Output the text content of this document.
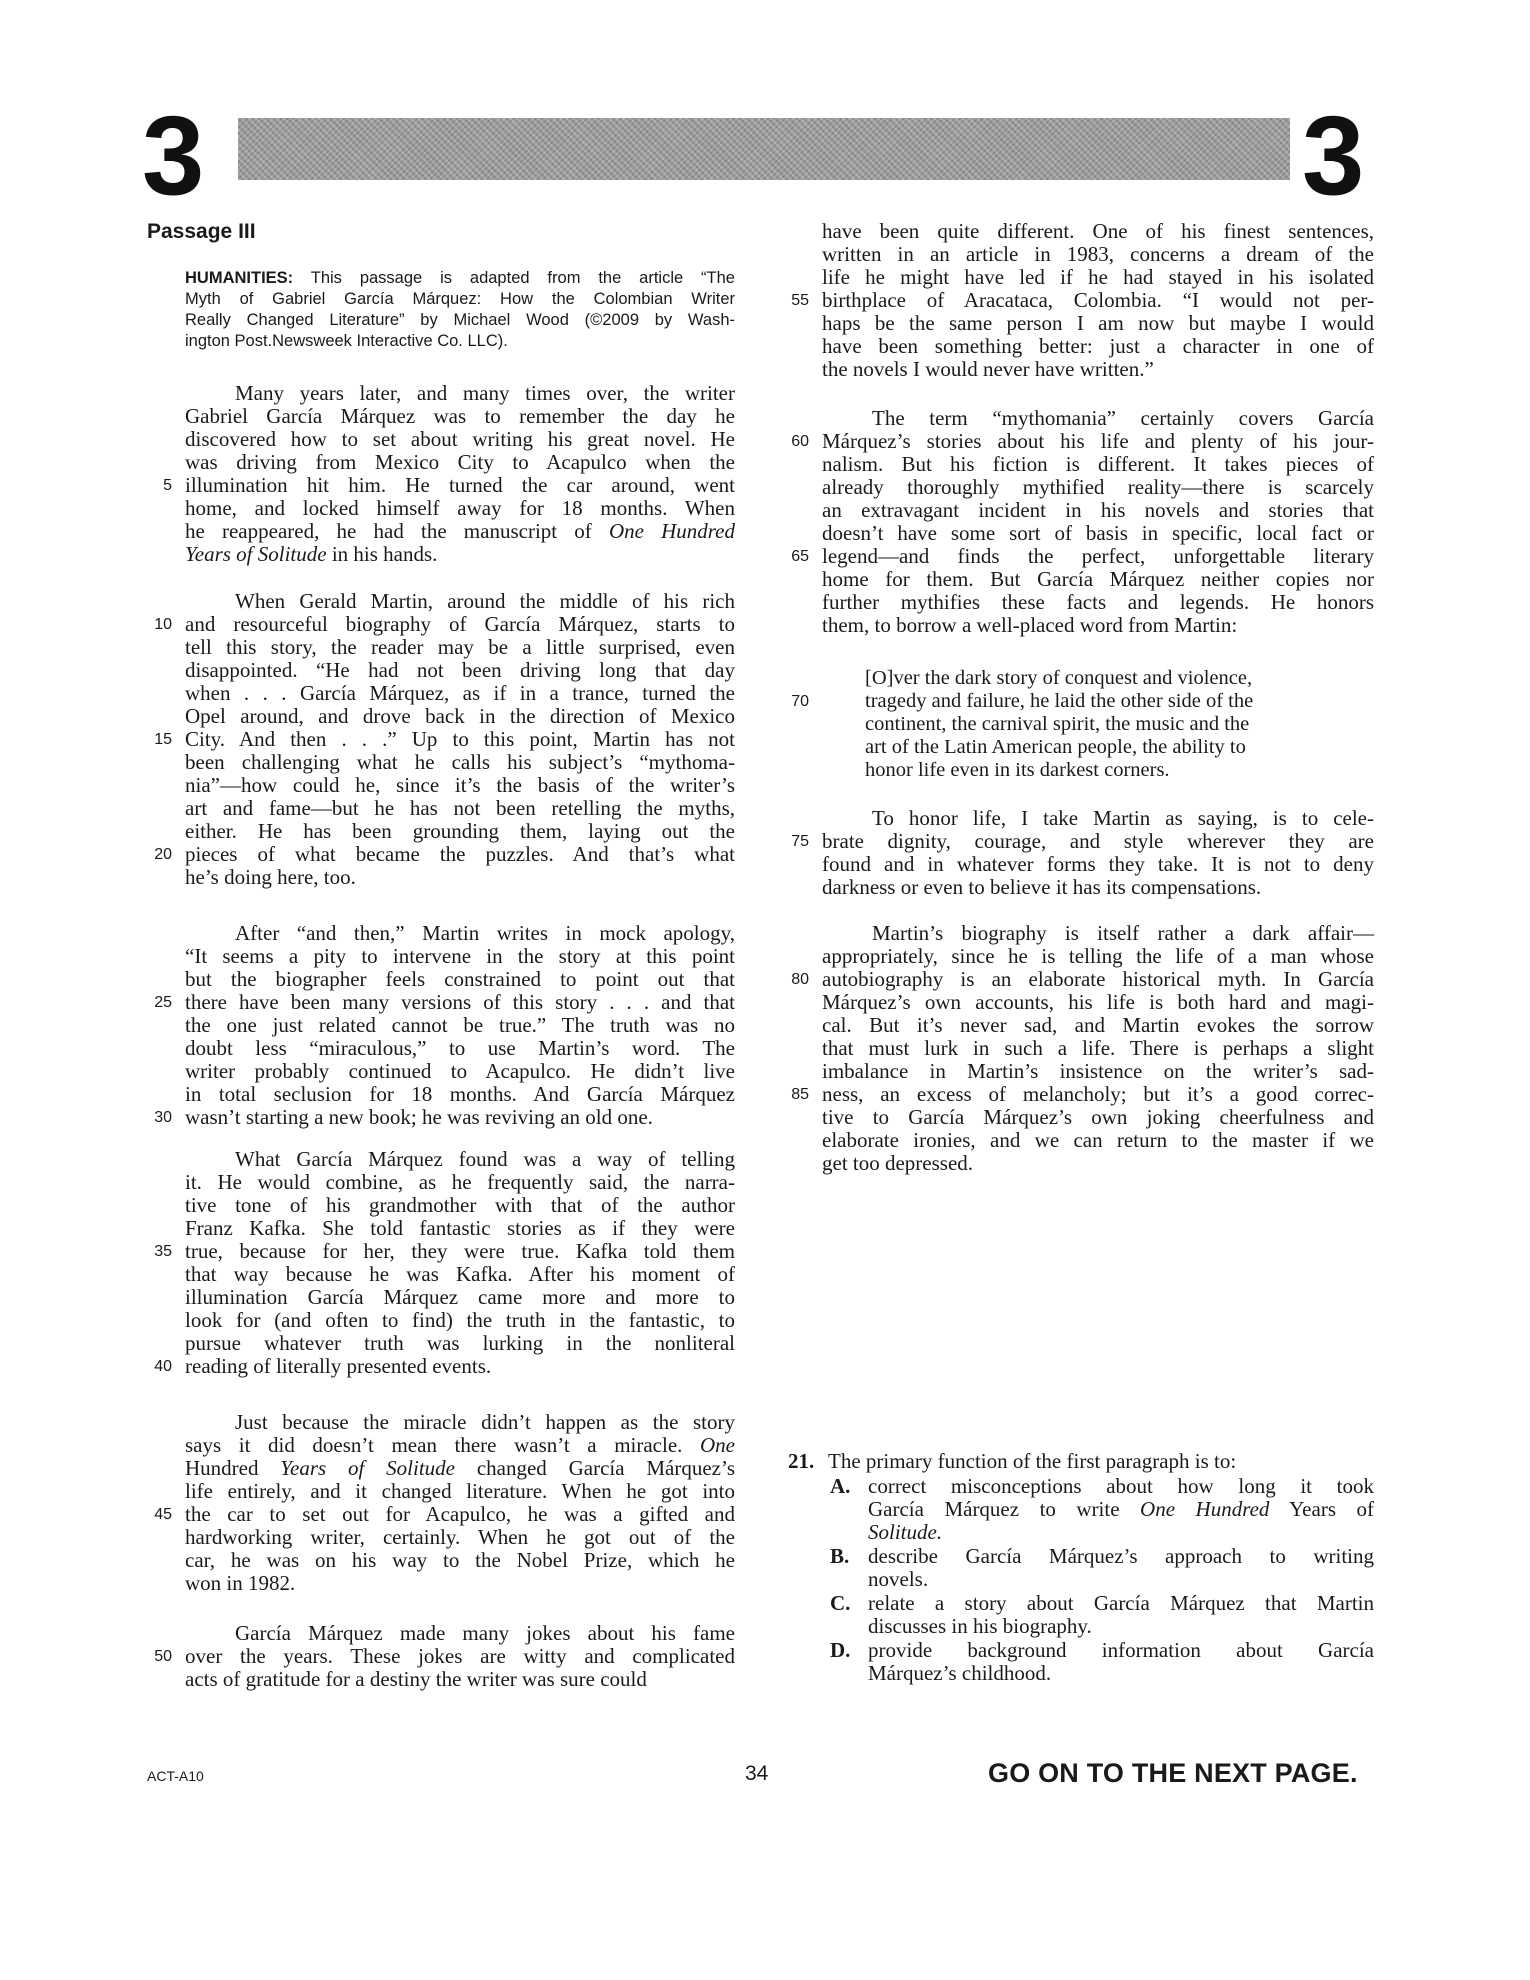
3	3
Passage III
HUMANITIES: This passage is adapted from the article “The
Myth of Gabriel García Márquez: How the Colombian Writer
Really Changed Literature” by Michael Wood (©2009 by Wash-
ington Post.Newsweek Interactive Co. LLC).
Many years later, and many times over, the writer
Gabriel García Márquez was to remember the day he
discovered how to set about writing his great novel. He
was driving from Mexico City to Acapulco when the
illumination hit him. He turned the car around, went
5
home, and locked himself away for 18 months. When
he reappeared, he had the manuscript of One Hundred
Years of Solitude in his hands.
When Gerald Martin, around the middle of his rich
and resourceful biography of García Márquez, starts to
10
tell this story, the reader may be a little surprised, even
disappointed. “He had not been driving long that day
when . . . García Márquez, as if in a trance, turned the
Opel around, and drove back in the direction of Mexico
City. And then . . .” Up to this point, Martin has not
15
been challenging what he calls his subject’s “mythoma-
nia”—how could he, since it’s the basis of the writer’s
art and fame—but he has not been retelling the myths,
either. He has been grounding them, laying out the
pieces of what became the puzzles. And that’s what
20
he’s doing here, too.
After “and then,” Martin writes in mock apology,
“It seems a pity to intervene in the story at this point
but the biographer feels constrained to point out that
there have been many versions of this story . . . and that
25
the one just related cannot be true.” The truth was no
doubt less “miraculous,” to use Martin’s word. The
writer probably continued to Acapulco. He didn’t live
in total seclusion for 18 months. And García Márquez
wasn’t starting a new book; he was reviving an old one.
30
What García Márquez found was a way of telling
it. He would combine, as he frequently said, the narra-
tive tone of his grandmother with that of the author
Franz Kafka. She told fantastic stories as if they were
true, because for her, they were true. Kafka told them
35
that way because he was Kafka. After his moment of
illumination García Márquez came more and more to
look for (and often to find) the truth in the fantastic, to
pursue whatever truth was lurking in the nonliteral
reading of literally presented events.
40
Just because the miracle didn’t happen as the story
says it did doesn’t mean there wasn’t a miracle. One
Hundred Years of Solitude changed García Márquez’s
life entirely, and it changed literature. When he got into
the car to set out for Acapulco, he was a gifted and
45
hardworking writer, certainly. When he got out of the
car, he was on his way to the Nobel Prize, which he
won in 1982.
García Márquez made many jokes about his fame
over the years. These jokes are witty and complicated
50
acts of gratitude for a destiny the writer was sure could
have been quite different. One of his finest sentences,
written in an article in 1983, concerns a dream of the
life he might have led if he had stayed in his isolated
birthplace of Aracataca, Colombia. “I would not per-
55
haps be the same person I am now but maybe I would
have been something better: just a character in one of
the novels I would never have written.”
The term “mythomania” certainly covers García
Márquez’s stories about his life and plenty of his jour-
60
nalism. But his fiction is different. It takes pieces of
already thoroughly mythified reality—there is scarcely
an extravagant incident in his novels and stories that
doesn’t have some sort of basis in specific, local fact or
legend—and finds the perfect, unforgettable literary
65
home for them. But García Márquez neither copies nor
further mythifies these facts and legends. He honors
them, to borrow a well-placed word from Martin:
[O]ver the dark story of conquest and violence,
tragedy and failure, he laid the other side of the
70
continent, the carnival spirit, the music and the
art of the Latin American people, the ability to
honor life even in its darkest corners.
To honor life, I take Martin as saying, is to cele-
brate dignity, courage, and style wherever they are
75
found and in whatever forms they take. It is not to deny
darkness or even to believe it has its compensations.
Martin’s biography is itself rather a dark affair—
appropriately, since he is telling the life of a man whose
autobiography is an elaborate historical myth. In García
80
Márquez’s own accounts, his life is both hard and magi-
cal. But it’s never sad, and Martin evokes the sorrow
that must lurk in such a life. There is perhaps a slight
imbalance in Martin’s insistence on the writer’s sad-
ness, an excess of melancholy; but it’s a good correc-
85
tive to García Márquez’s own joking cheerfulness and
elaborate ironies, and we can return to the master if we
get too depressed.
21. The primary function of the first paragraph is to:
A. correct misconceptions about how long it took
García Márquez to write One Hundred Years of
Solitude.
B. describe García Márquez’s approach to writing
novels.
C. relate a story about García Márquez that Martin
discusses in his biography.
D. provide background information about García
Márquez’s childhood.
ACT-A10	34	GO ON TO THE NEXT PAGE.
